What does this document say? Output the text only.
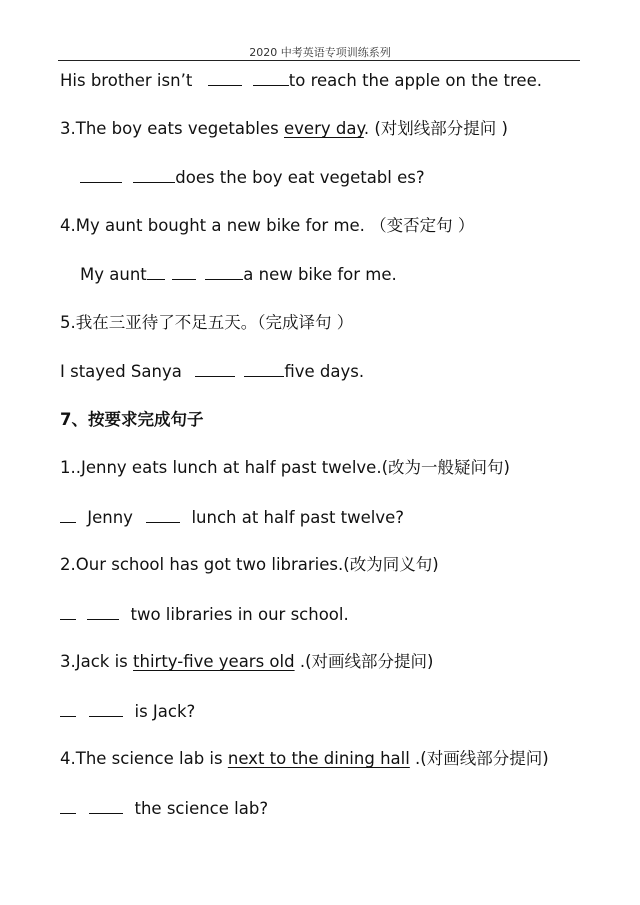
2020 中考英语专项训练系列
His brother isn’t	to reach the apple on the tree.
3.The boy eats vegetables every day. (对划线部分提问 )
does the boy eat vegetabl es?
4.My aunt bought a new bike for me. （变否定句 ）
My aunt	a new bike for me.
5.我在三亚待了不足五天。（完成译句 ）
I stayed Sanya	five days.
7、按要求完成句子
1..Jenny eats lunch at half past twelve.(改为一般疑问句)
Jenny	lunch at half past twelve?
2.Our school has got two libraries.(改为同义句)
two libraries in our school.
3.Jack is thirty-five years old .(对画线部分提问)
is Jack?
4.The science lab is next to the dining hall .(对画线部分提问)
the science lab?
